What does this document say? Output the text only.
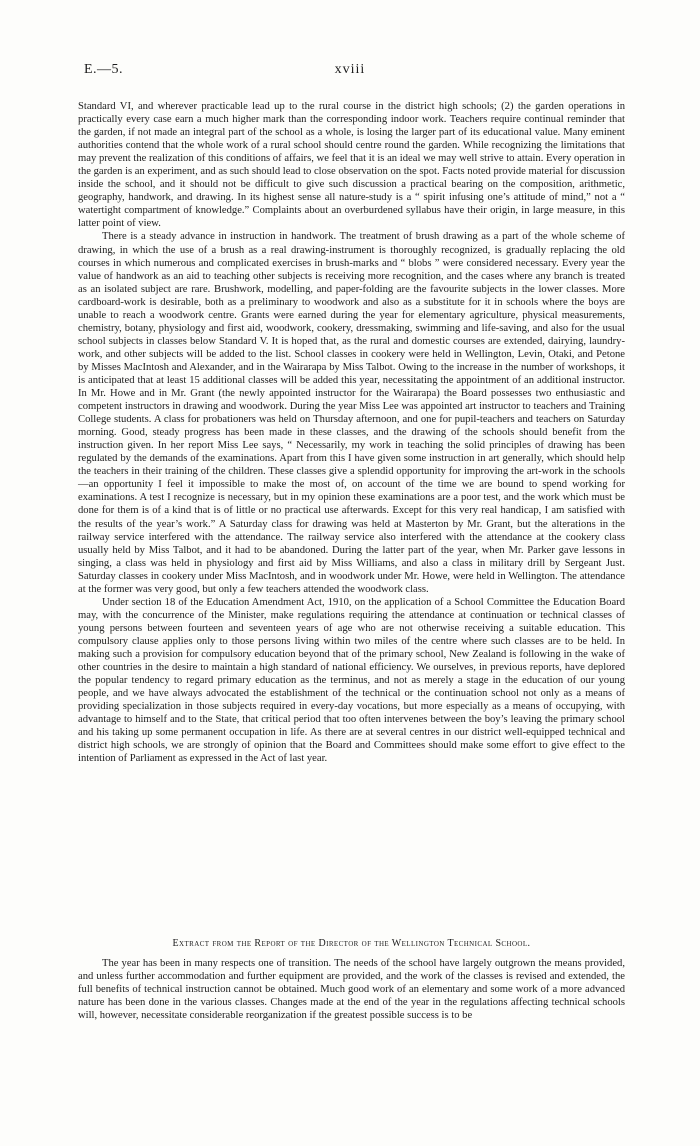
E.—5.	xviii

Standard VI, and wherever practicable lead up to the rural course in the district high schools; (2) the garden operations in practically every case earn a much higher mark than the corresponding indoor work. Teachers require continual reminder that the garden, if not made an integral part of the school as a whole, is losing the larger part of its educational value. Many eminent authorities contend that the whole work of a rural school should centre round the garden. While recognizing the limitations that may prevent the realization of this conditions of affairs, we feel that it is an ideal we may well strive to attain. Every operation in the garden is an experiment, and as such should lead to close observation on the spot. Facts noted provide material for discussion inside the school, and it should not be difficult to give such discussion a practical bearing on the composition, arithmetic, geography, handwork, and drawing. In its highest sense all nature-study is a “ spirit infusing one’s attitude of mind,” not a “ watertight compartment of knowledge.” Complaints about an overburdened syllabus have their origin, in large measure, in this latter point of view.

There is a steady advance in instruction in handwork. The treatment of brush drawing as a part of the whole scheme of drawing, in which the use of a brush as a real drawing-instrument is thoroughly recognized, is gradually replacing the old courses in which numerous and complicated exercises in brush-marks and “ blobs ” were considered necessary. Every year the value of handwork as an aid to teaching other subjects is receiving more recognition, and the cases where any branch is treated as an isolated subject are rare. Brushwork, modelling, and paper-folding are the favourite subjects in the lower classes. More cardboard-work is desirable, both as a preliminary to woodwork and also as a substitute for it in schools where the boys are unable to reach a woodwork centre. Grants were earned during the year for elementary agriculture, physical measurements, chemistry, botany, physiology and first aid, woodwork, cookery, dressmaking, swimming and life-saving, and also for the usual school subjects in classes below Standard V. It is hoped that, as the rural and domestic courses are extended, dairying, laundry-work, and other subjects will be added to the list. School classes in cookery were held in Wellington, Levin, Otaki, and Petone by Misses MacIntosh and Alexander, and in the Wairarapa by Miss Talbot. Owing to the increase in the number of workshops, it is anticipated that at least 15 additional classes will be added this year, necessitating the appointment of an additional instructor. In Mr. Howe and in Mr. Grant (the newly appointed instructor for the Wairarapa) the Board possesses two enthusiastic and competent instructors in drawing and woodwork. During the year Miss Lee was appointed art instructor to teachers and Training College students. A class for probationers was held on Thursday afternoon, and one for pupil-teachers and teachers on Saturday morning. Good, steady progress has been made in these classes, and the drawing of the schools should benefit from the instruction given. In her report Miss Lee says, “ Necessarily, my work in teaching the solid principles of drawing has been regulated by the demands of the examinations. Apart from this I have given some instruction in art generally, which should help the teachers in their training of the children. These classes give a splendid opportunity for improving the art-work in the schools—an opportunity I feel it impossible to make the most of, on account of the time we are bound to spend working for examinations. A test I recognize is necessary, but in my opinion these examinations are a poor test, and the work which must be done for them is of a kind that is of little or no practical use afterwards. Except for this very real handicap, I am satisfied with the results of the year’s work.” A Saturday class for drawing was held at Masterton by Mr. Grant, but the alterations in the railway service interfered with the attendance. The railway service also interfered with the attendance at the cookery class usually held by Miss Talbot, and it had to be abandoned. During the latter part of the year, when Mr. Parker gave lessons in singing, a class was held in physiology and first aid by Miss Williams, and also a class in military drill by Sergeant Just. Saturday classes in cookery under Miss MacIntosh, and in woodwork under Mr. Howe, were held in Wellington. The attendance at the former was very good, but only a few teachers attended the woodwork class.

Under section 18 of the Education Amendment Act, 1910, on the application of a School Committee the Education Board may, with the concurrence of the Minister, make regulations requiring the attendance at continuation or technical classes of young persons between fourteen and seventeen years of age who are not otherwise receiving a suitable education. This compulsory clause applies only to those persons living within two miles of the centre where such classes are to be held. In making such a provision for compulsory education beyond that of the primary school, New Zealand is following in the wake of other countries in the desire to maintain a high standard of national efficiency. We ourselves, in previous reports, have deplored the popular tendency to regard primary education as the terminus, and not as merely a stage in the education of our young people, and we have always advocated the establishment of the technical or the continuation school not only as a means of providing specialization in those subjects required in every-day vocations, but more especially as a means of occupying, with advantage to himself and to the State, that critical period that too often intervenes between the boy’s leaving the primary school and his taking up some permanent occupation in life. As there are at several centres in our district well-equipped technical and district high schools, we are strongly of opinion that the Board and Committees should make some effort to give effect to the intention of Parliament as expressed in the Act of last year.

Extract from the Report of the Director of the Wellington Technical School.

The year has been in many respects one of transition. The needs of the school have largely outgrown the means provided, and unless further accommodation and further equipment are provided, and the work of the classes is revised and extended, the full benefits of technical instruction cannot be obtained. Much good work of an elementary and some work of a more advanced nature has been done in the various classes. Changes made at the end of the year in the regulations affecting technical schools will, however, necessitate considerable reorganization if the greatest possible success is to be
